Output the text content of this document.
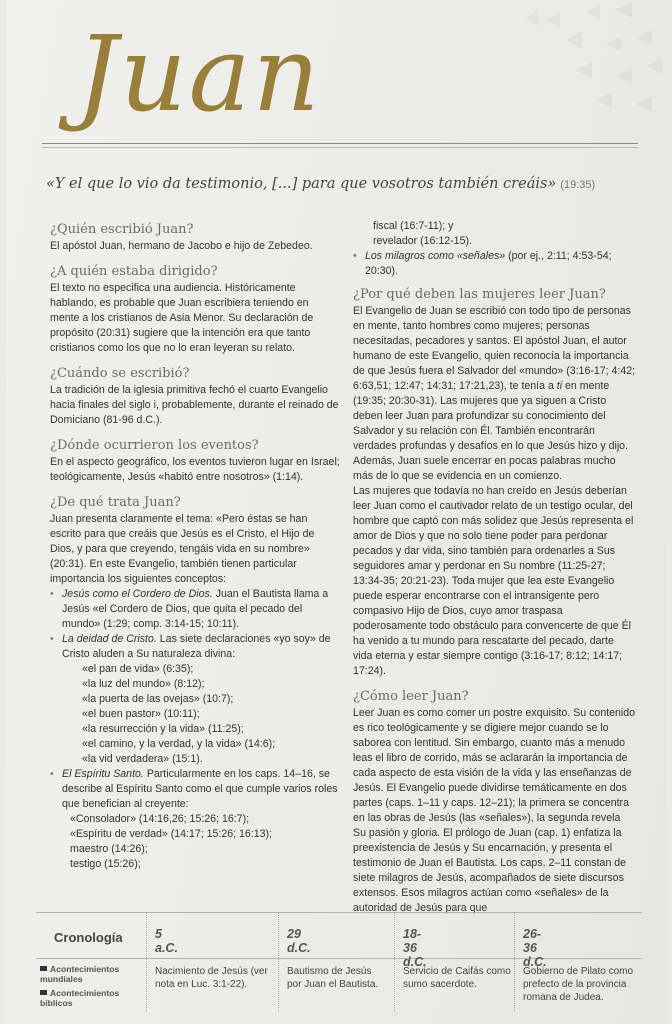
Juan
«Y el que lo vio da testimonio, [...] para que vosotros también creáis» (19:35)
¿Quién escribió Juan?
El apóstol Juan, hermano de Jacobo e hijo de Zebedeo.
¿A quién estaba dirigido?
El texto no especifica una audiencia. Históricamente hablando, es probable que Juan escribiera teniendo en mente a los cristianos de Asia Menor. Su declaración de propósito (20:31) sugiere que la intención era que tanto cristianos como los que no lo eran leyeran su relato.
¿Cuándo se escribió?
La tradición de la iglesia primitiva fechó el cuarto Evangelio hacia finales del siglo i, probablemente, durante el reinado de Domiciano (81-96 d.C.).
¿Dónde ocurrieron los eventos?
En el aspecto geográfico, los eventos tuvieron lugar en Israel; teológicamente, Jesús «habitó entre nosotros» (1:14).
¿De qué trata Juan?
Juan presenta claramente el tema: «Pero éstas se han escrito para que creáis que Jesús es el Cristo, el Hijo de Dios, y para que creyendo, tengáis vida en su nombre» (20:31). En este Evangelio, también tienen particular importancia los siguientes conceptos:
• Jesús como el Cordero de Dios. Juan el Bautista llama a Jesús «el Cordero de Dios, que quita el pecado del mundo» (1:29; comp. 3:14-15; 10:11).
• La deidad de Cristo. Las siete declaraciones «yo soy» de Cristo aluden a Su naturaleza divina:
«el pan de vida» (6:35);
«la luz del mundo» (8:12);
«la puerta de las ovejas» (10:7);
«el buen pastor» (10:11);
«la resurrección y la vida» (11:25);
«el camino, y la verdad, y la vida» (14:6);
«la vid verdadera» (15:1).
• El Espíritu Santo. Particularmente en los caps. 14–16, se describe al Espíritu Santo como el que cumple varios roles que benefician al creyente:
«Consolador» (14:16,26; 15:26; 16:7);
«Espíritu de verdad» (14:17; 15:26; 16:13);
maestro (14:26);
testigo (15:26);
fiscal (16:7-11); y
revelador (16:12-15).
• Los milagros como «señales» (por ej., 2:11; 4:53-54; 20:30).
¿Por qué deben las mujeres leer Juan?
El Evangelio de Juan se escribió con todo tipo de personas en mente, tanto hombres como mujeres; personas necesitadas, pecadores y santos. El apóstol Juan, el autor humano de este Evangelio, quien reconocía la importancia de que Jesús fuera el Salvador del «mundo» (3:16-17; 4:42; 6:63,51; 12:47; 14:31; 17:21,23), te tenía a ti en mente (19:35; 20:30-31). Las mujeres que ya siguen a Cristo deben leer Juan para profundizar su conocimiento del Salvador y su relación con Él. También encontrarán verdades profundas y desafíos en lo que Jesús hizo y dijo. Además, Juan suele encerrar en pocas palabras mucho más de lo que se evidencia en un comienzo.
Las mujeres que todavía no han creído en Jesús deberían leer Juan como el cautivador relato de un testigo ocular, del hombre que captó con más solidez que Jesús representa el amor de Dios y que no solo tiene poder para perdonar pecados y dar vida, sino también para ordenarles a Sus seguidores amar y perdonar en Su nombre (11:25-27; 13:34-35; 20:21-23). Toda mujer que lea este Evangelio puede esperar encontrarse con el intransigente pero compasivo Hijo de Dios, cuyo amor traspasa poderosamente todo obstáculo para convencerte de que Él ha venido a tu mundo para rescatarte del pecado, darte vida eterna y estar siempre contigo (3:16-17; 8:12; 14:17; 17:24).
¿Cómo leer Juan?
Leer Juan es como comer un postre exquisito. Su contenido es rico teológicamente y se digiere mejor cuando se lo saborea con lentitud. Sin embargo, cuanto más a menudo leas el libro de corrido, más se aclararán la importancia de cada aspecto de esta visión de la vida y las enseñanzas de Jesús. El Evangelio puede dividirse temáticamente en dos partes (caps. 1–11 y caps. 12–21); la primera se concentra en las obras de Jesús (las «señales»), la segunda revela Su pasión y gloria. El prólogo de Juan (cap. 1) enfatiza la preexistencia de Jesús y Su encarnación, y presenta el testimonio de Juan el Bautista. Los caps. 2–11 constan de siete milagros de Jesús, acompañados de siete discursos extensos. Esos milagros actúan como «señales» de la autoridad de Jesús para que
Cronología
Acontecimientos mundiales
Acontecimientos bíblicos
5 a.C.
Nacimiento de Jesús (ver nota en Luc. 3:1-22).
29 d.C.
Bautismo de Jesús por Juan el Bautista.
18-36 d.C.
Servicio de Caifás como sumo sacerdote.
26-36 d.C.
Gobierno de Pilato como prefecto de la provincia romana de Judea.
